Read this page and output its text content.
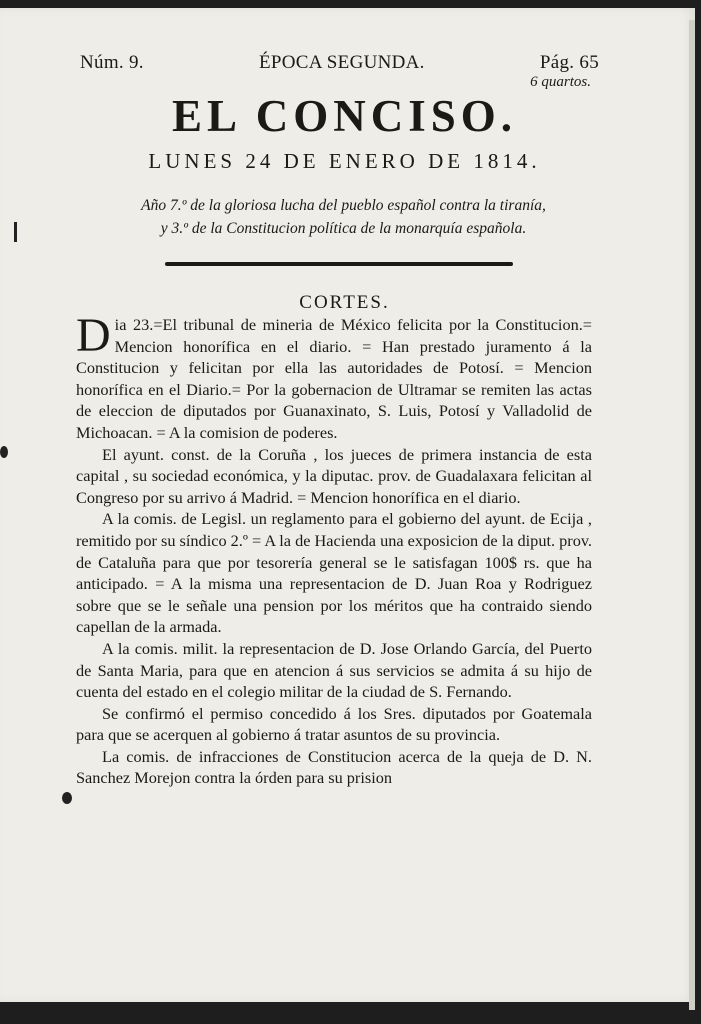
Núm. 9.	ÉPOCA SEGUNDA.	Pág. 65
6 quartos.
EL CONCISO.
LUNES 24 DE ENERO DE 1814.
Año 7.º de la gloriosa lucha del pueblo español contra la tiranía,
y 3.º de la Constitucion política de la monarquía española.
CORTES.

Dia 23.=El tribunal de mineria de México felicita por la Constitucion.= Mencion honorífica en el diario. = Han prestado juramento á la Constitucion y felicitan por ella las autoridades de Potosí. = Mencion honorífica en el Diario.= Por la gobernacion de Ultramar se remiten las actas de eleccion de diputados por Guanaxinato, S. Luis, Potosí y Valladolid de Michoacan. = A la comision de poderes.

El ayunt. const. de la Coruña , los jueces de primera instancia de esta capital , su sociedad económica, y la diputac. prov. de Guadalaxara felicitan al Congreso por su arrivo á Madrid. = Mencion honorífica en el diario.

A la comis. de Legisl. un reglamento para el gobierno del ayunt. de Ecija , remitido por su síndico 2.º = A la de Hacienda una exposicion de la diput. prov. de Cataluña para que por tesorería general se le satisfagan 100$ rs. que ha anticipado. = A la misma una representacion de D. Juan Roa y Rodriguez sobre que se le señale una pension por los méritos que ha contraido siendo capellan de la armada.

A la comis. milit. la representacion de D. Jose Orlando García, del Puerto de Santa Maria, para que en atencion á sus servicios se admita á su hijo de cuenta del estado en el colegio militar de la ciudad de S. Fernando.

Se confirmó el permiso concedido á los Sres. diputados por Goatemala para que se acerquen al gobierno á tratar asuntos de su provincia.

La comis. de infracciones de Constitucion acerca de la queja de D. N. Sanchez Morejon contra la órden para su prision
